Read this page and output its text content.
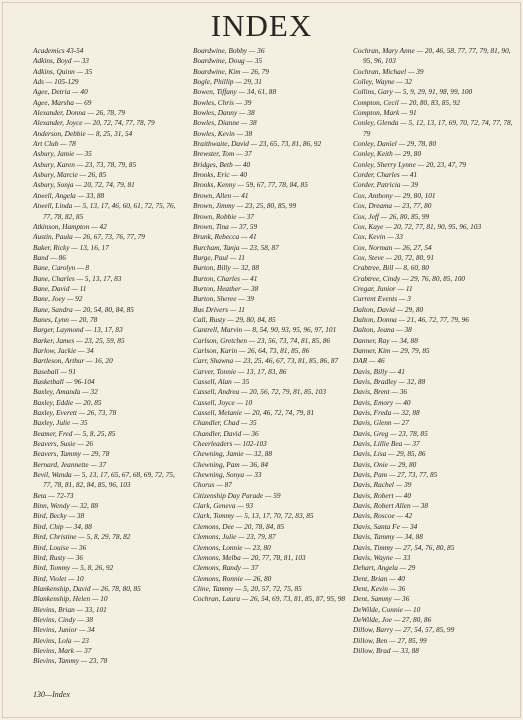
INDEX
Academics 43-54
Adkins, Boyd — 33
Adkins, Quinn — 35
Ads — 105-129
Agee, Detria — 40
Agee, Marsha — 69
Alexander, Donna — 26, 78, 79
Alexander, Joyce — 20, 72, 74, 77, 78, 79
Anderson, Debbie — 8, 25, 31, 54
Art Club — 78
Asbury, Jamie — 35
Asbury, Karen — 23, 73, 78, 79, 85
Asbury, Marcie — 26, 85
Asbury, Sonja — 20, 72, 74, 79, 81
Atwell, Angela — 33, 88
Atwell, Linda — 5, 13, 17, 46, 60, 61, 72, 75, 76, 77, 78, 82, 85
Atkinson, Hampton — 42
Austin, Paula — 26, 67, 73, 76, 77, 79
Baker, Ricky — 13, 16, 17
Band — 86
Bane, Carolyn — 8
Bane, Charles — 5, 13, 17, 83
Bane, David — 11
Bane, Joey — 92
Bane, Sandra — 20, 54, 80, 84, 85
Banes, Lynn — 20, 78
Barger, Laymond — 13, 17, 83
Barker, James — 23, 25, 59, 85
Barlow, Jackie — 34
Bartleson, Arthur — 16, 20
Baseball — 91
Basketball — 96-104
Baxley, Amanda — 32
Baxley, Eddie — 20, 85
Baxley, Everett — 26, 73, 78
Baxley, Julie — 35
Beamer, Fred — 5, 8, 25, 85
Beavers, Susie — 26
Beavers, Tammy — 29, 78
Bernard, Jeannette — 37
Bevil, Wanda — 5, 13, 17, 65, 67, 68, 69, 72, 75, 77, 78, 81, 82, 84, 85, 96, 103
Beta — 72-73
Binn, Wendy — 32, 88
Bird, Becky — 38
Bird, Chip — 34, 88
Bird, Christine — 5, 8, 29, 78, 82
Bird, Louise — 36
Bird, Rusty — 36
Bird, Tommy — 5, 8, 26, 92
Bird, Violet — 10
Blankenship, David — 26, 78, 80, 85
Blankenship, Helen — 10
Blevins, Brian — 33, 101
Blevins, Cindy — 38
Blevins, Junior — 34
Blevins, Lola — 23
Blevins, Mark — 37
Blevins, Tammy — 23, 78
Boardwine, Bobby — 36
Boardwine, Doug — 35
Boardwine, Kim — 26, 79
Bogle, Phillip — 29, 31
Bowen, Tiffany — 34, 61, 88
Bowles, Chris — 39
Bowles, Danny — 38
Bowles, Dianne — 38
Bowles, Kevin — 38
Braithwaite, David — 23, 65, 73, 81, 86, 92
Brewster, Tom — 37
Bridges, Beth — 40
Brooks, Eric — 40
Brooks, Kenny — 59, 67, 77, 78, 84, 85
Brown, Allen — 41
Brown, Jimmy — 23, 25, 80, 85, 99
Brown, Robbie — 37
Brown, Tina — 37, 59
Brunk, Rebecca — 41
Burcham, Tanja — 23, 58, 87
Burge, Paul — 11
Burton, Billy — 32, 88
Burton, Charles — 41
Burton, Heather — 38
Burton, Sheree — 39
Bus Drivers — 11
Call, Rusty — 29, 80, 84, 85
Cantrell, Marvin — 8, 54, 90, 93, 95, 96, 97, 101
Carlson, Gretchen — 23, 56, 73, 74, 81, 85, 86
Carlson, Karin — 26, 64, 73, 81, 85, 86
Carr, Shawna — 23, 25, 46, 67, 73, 81, 85, 86, 87
Carver, Tonnie — 13, 17, 83, 86
Cassell, Alan — 35
Cassell, Andrea — 20, 56, 72, 79, 81, 85, 103
Cassell, Joyce — 10
Cassell, Melanie — 20, 46, 72, 74, 79, 81
Chandler, Chad — 35
Chandler, David — 36
Cheerleaders — 102-103
Chewning, Jamie — 32, 88
Chewning, Pam — 36, 84
Chewning, Sonya — 33
Chorus — 87
Citizenship Day Parade — 59
Clark, Geneva — 93
Clark, Tommy — 5, 13, 17, 70, 72, 83, 85
Clemons, Dee — 20, 78, 84, 85
Clemons, Julie — 23, 79, 87
Clemons, Lonnie — 23, 80
Clemons, Melba — 20, 77, 78, 81, 103
Clemons, Randy — 37
Clemons, Ronnie — 26, 80
Cline, Tammy — 5, 20, 57, 72, 75, 85
Cochran, Laura — 26, 54, 69, 73, 81, 85, 87, 95, 98
Cochran, Mary Anne — 20, 46, 58, 77, 77, 79, 81, 90, 95, 96, 103
Cochran, Michael — 39
Colley, Wayne — 32
Collins, Gary — 5, 9, 29, 91, 98, 99, 100
Compton, Cecil — 20, 80, 83, 85, 92
Compton, Mark — 91
Conley, Glenda — 5, 12, 13, 17, 69, 70, 72, 74, 77, 78, 79
Conley, Daniel — 29, 78, 80
Conley, Keith — 29, 80
Conley, Sherry Lynne — 20, 23, 47, 79
Corder, Charles — 41
Corder, Patricia — 39
Cox, Anthony — 29, 80, 101
Cox, Dreama — 23, 77, 80
Cox, Jeff — 26, 80, 85, 99
Cox, Kaye — 20, 72, 77, 81, 90, 95, 96, 103
Cox, Kevin — 33
Cox, Norman — 26, 27, 54
Cox, Steve — 20, 72, 80, 91
Crabtree, Bill — 8, 60, 80
Crabtree, Cindy — 29, 76, 80, 85, 100
Cregar, Junior — 11
Current Events — 3
Dalton, David — 29, 80
Dalton, Donna — 21, 46, 72, 77, 79, 96
Dalton, Jeana — 38
Danner, Ray — 34, 88
Danner, Kim — 29, 79, 85
DAR — 46
Davis, Billy — 41
Davis, Bradley — 32, 88
Davis, Brent — 36
Davis, Emory — 40
Davis, Freda — 32, 88
Davis, Glenn — 27
Davis, Greg — 23, 78, 85
Davis, Lillie Bea — 37
Davis, Lisa — 29, 85, 86
Davis, Onie — 29, 80
Davis, Pam — 27, 73, 77, 85
Davis, Rachel — 39
Davis, Robert — 40
Davis, Robert Allen — 38
Davis, Roscoe — 42
Davis, Santa Fe — 34
Davis, Tammy — 34, 88
Davis, Timmy — 27, 54, 76, 80, 85
Davis, Wayne — 33
Dehart, Angela — 29
Dent, Brian — 40
Dent, Kevin — 36
Dent, Sammy — 36
DeWilde, Connie — 10
DeWilde, Joe — 27, 80, 86
Dillow, Barry — 27, 54, 57, 85, 99
Dillow, Ben — 27, 85, 99
Dillow, Brad — 33, 88
130—Index
